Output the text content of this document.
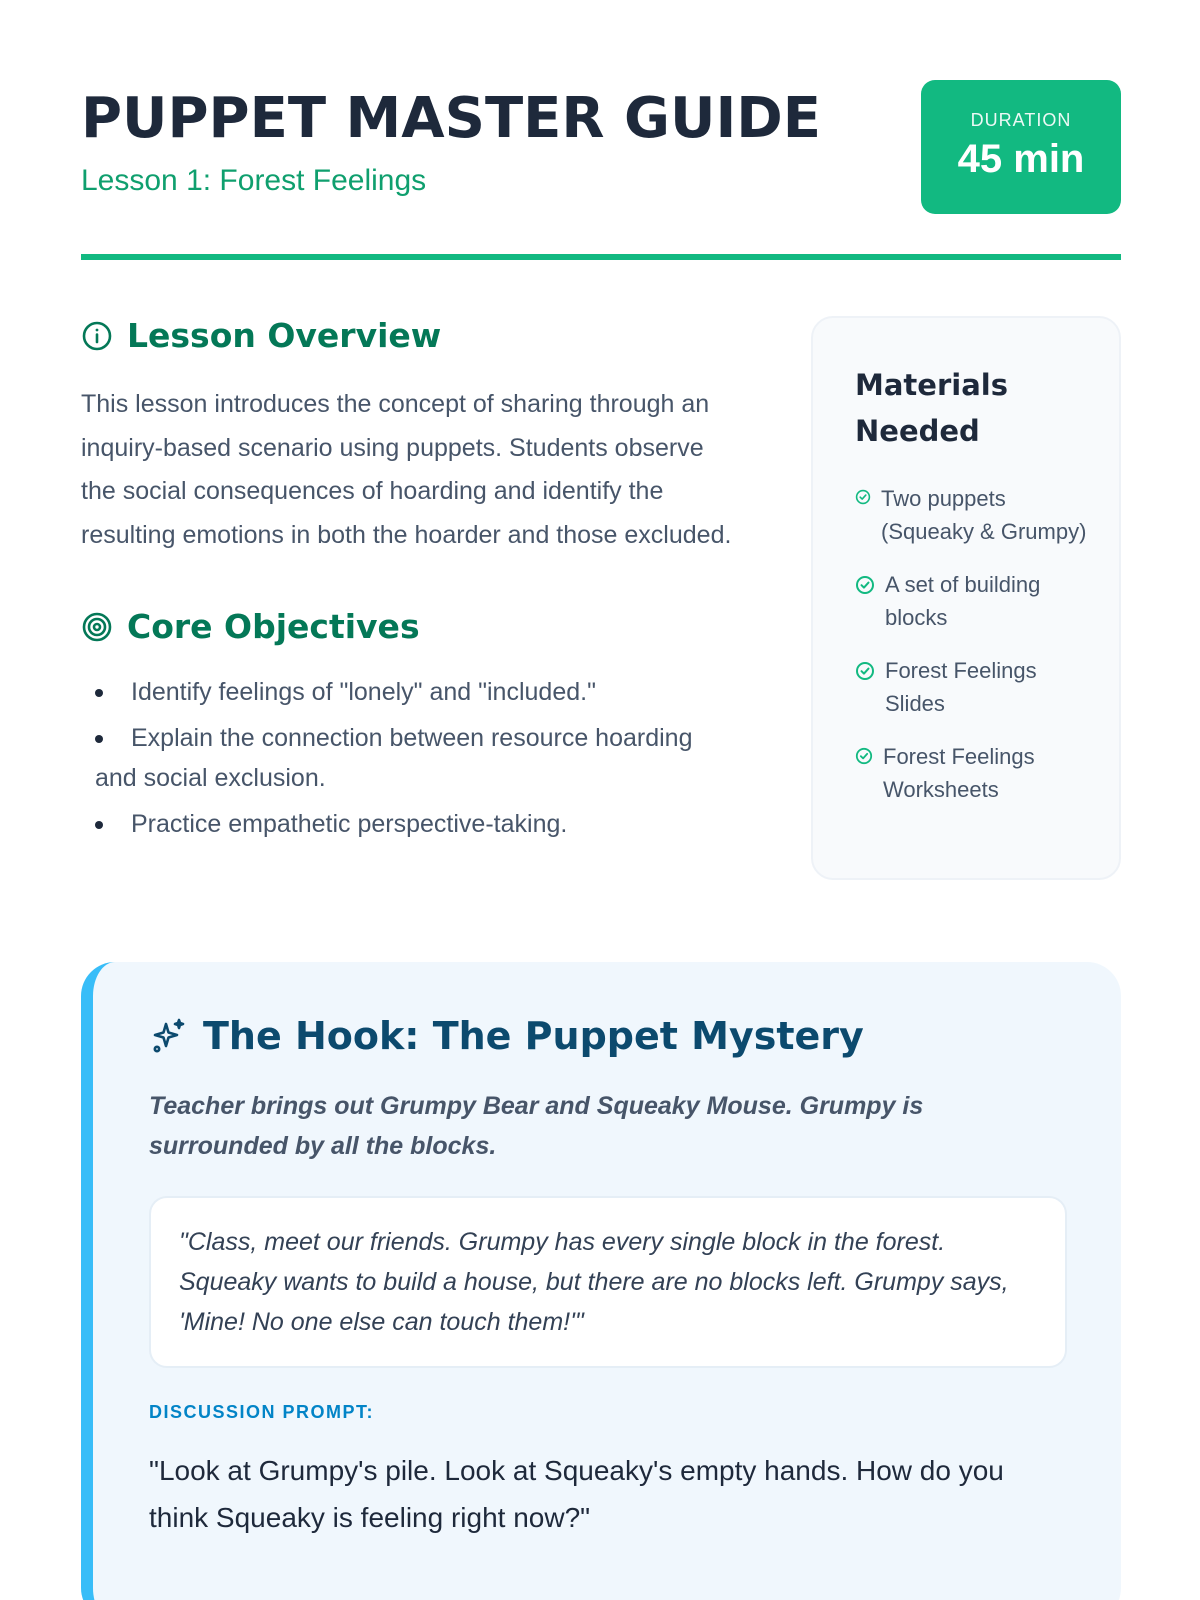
PUPPET MASTER GUIDE
Lesson 1: Forest Feelings
DURATION
45 min
Lesson Overview

This lesson introduces the concept of sharing through an inquiry-based scenario using puppets. Students observe the social consequences of hoarding and identify the resulting emotions in both the hoarder and those excluded.

Core Objectives
Identify feelings of "lonely" and "included."
Explain the connection between resource hoarding and social exclusion.
Practice empathetic perspective-taking.
Materials Needed
Two puppets (Squeaky & Grumpy)
A set of building blocks
Forest Feelings Slides
Forest Feelings Worksheets
The Hook: The Puppet Mystery

Teacher brings out Grumpy Bear and Squeaky Mouse. Grumpy is surrounded by all the blocks.

"Class, meet our friends. Grumpy has every single block in the forest. Squeaky wants to build a house, but there are no blocks left. Grumpy says, 'Mine! No one else can touch them!'"
DISCUSSION PROMPT:

"Look at Grumpy's pile. Look at Squeaky's empty hands. How do you think Squeaky is feeling right now?"
